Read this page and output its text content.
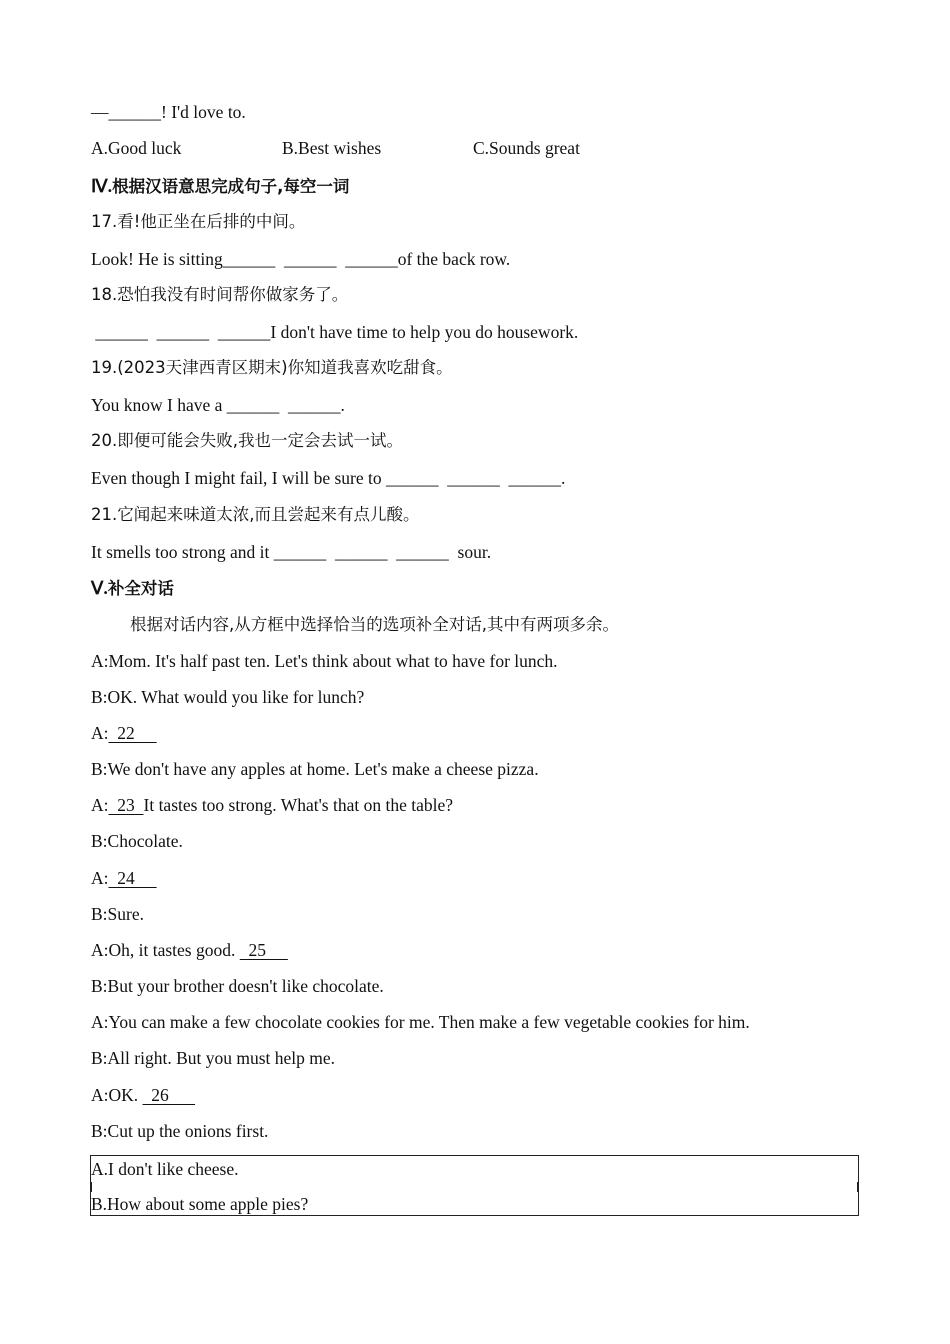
—______! I'd love to.

A.Good luck

	B.Best wishes

	C.Sounds great

Ⅳ.根据汉语意思完成句子,每空一词
17.看!他正坐在后排的中间。
Look! He is sitting______  ______  ______of the back row.
18.恐怕我没有时间帮你做家务了。
______  ______  ______I don't have time to help you do housework.
19.(2023天津西青区期末)你知道我喜欢吃甜食。
You know I have a ______  ______.
20.即便可能会失败,我也一定会去试一试。
Even though I might fail, I will be sure to ______  ______  ______.
21.它闻起来味道太浓,而且尝起来有点儿酸。
It smells too strong and it ______  ______  ______  sour.
Ⅴ.补全对话
根据对话内容,从方框中选择恰当的选项补全对话,其中有两项多余。
A:Mom. It's half past ten. Let's think about what to have for lunch.
B:OK. What would you like for lunch?
A:  22
B:We don't have any apples at home. Let's make a cheese pizza.
A:  23  It tastes too strong. What's that on the table?
B:Chocolate.
A:  24
B:Sure.
A:Oh, it tastes good.   25
B:But your brother doesn't like chocolate.
A:You can make a few chocolate cookies for me. Then make a few vegetable cookies for him.
B:All right. But you must help me.
A:OK.   26
B:Cut up the onions first.
A.I don't like cheese.
B.How about some apple pies?
